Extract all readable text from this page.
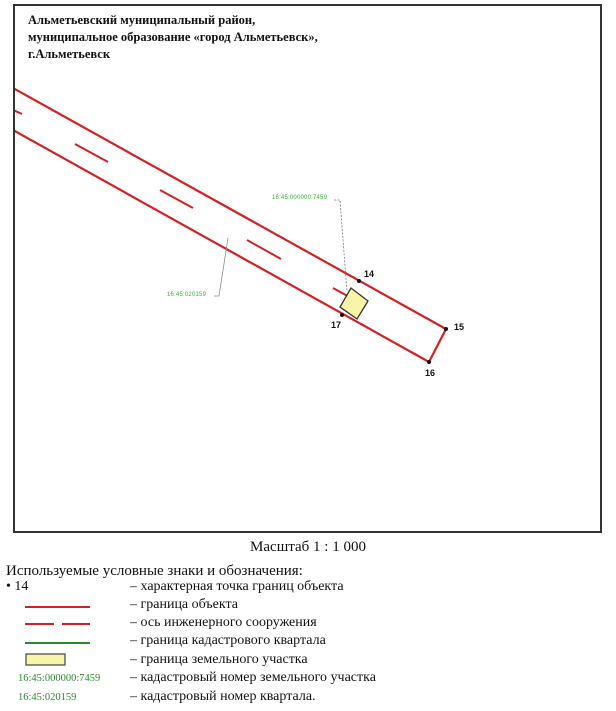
Альметьевский муниципальный район,
муниципальное образование «город Альметьевск»,
г.Альметьевск
14
15
16
17
16:45:000000:7459
16:45:020159
Масштаб 1 : 1 000
Используемые условные знаки и обозначения:
• 14	– характерная точка границ объекта
– граница объекта
– ось инженерного сооружения
– граница кадастрового квартала
– граница земельного участка
16:45:000000:7459 – кадастровый номер земельного участка
16:45:020159	– кадастровый номер квартала.
